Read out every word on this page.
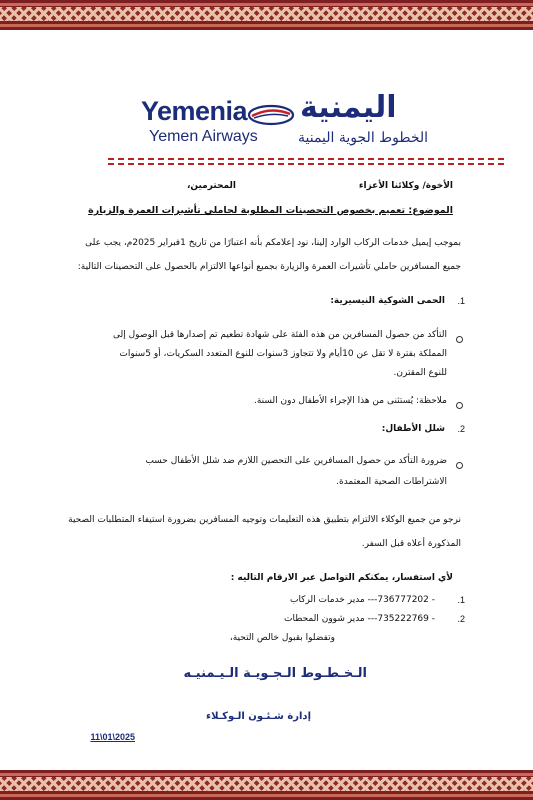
Yemenia
Yemen Airways
اليمنية
الخطوط الجوية اليمنية
المحترمين،	الأخوة/ وكلائنا الأعزاء
الموضوع: تعميم بخصوص التحصينات المطلوبة لحاملي تأشيرات العمرة والزيارة
بموجب إيميل خدمات الركاب الوارد إلينا، نود إعلامكم بأنه اعتبارًا من تاريخ 1فبراير 2025م، يجب على
جميع المسافرين حاملي تأشيرات العمرة والزيارة بجميع أنواعها الالتزام بالحصول على التحصينات التالية:
.1
الحمى الشوكية النيسيرية:
التأكد من حصول المسافرين من هذه الفئة على شهادة تطعيم تم إصدارها قبل الوصول إلى
المملكة بفترة لا تقل عن 10أيام ولا تتجاوز 3سنوات للنوع المتعدد السكريات، أو 5سنوات
للنوع المقترن.
ملاحظة: يُستثنى من هذا الإجراء الأطفال دون السنة.
.2
شلل الأطفال:
ضرورة التأكد من حصول المسافرين على التحصين اللازم ضد شلل الأطفال حسب
الاشتراطات الصحية المعتمدة.
نرجو من جميع الوكلاء الالتزام بتطبيق هذه التعليمات وتوجيه المسافرين بضرورة استيفاء المتطلبات الصحية
المذكورة أعلاه قبل السفر.
لأي استفسار، يمكنكم التواصل عبر الارقام التاليه :
.1
- 736777202--- مدير خدمات الركاب
.2
- 735222769--- مدير شوون المحطات
وتفضلوا بقبول خالص التحية،
الـخـطـوط الـجـويـة الـيـمنيـه
إدارة شـئـون الـوكـلاء
11\01\2025
